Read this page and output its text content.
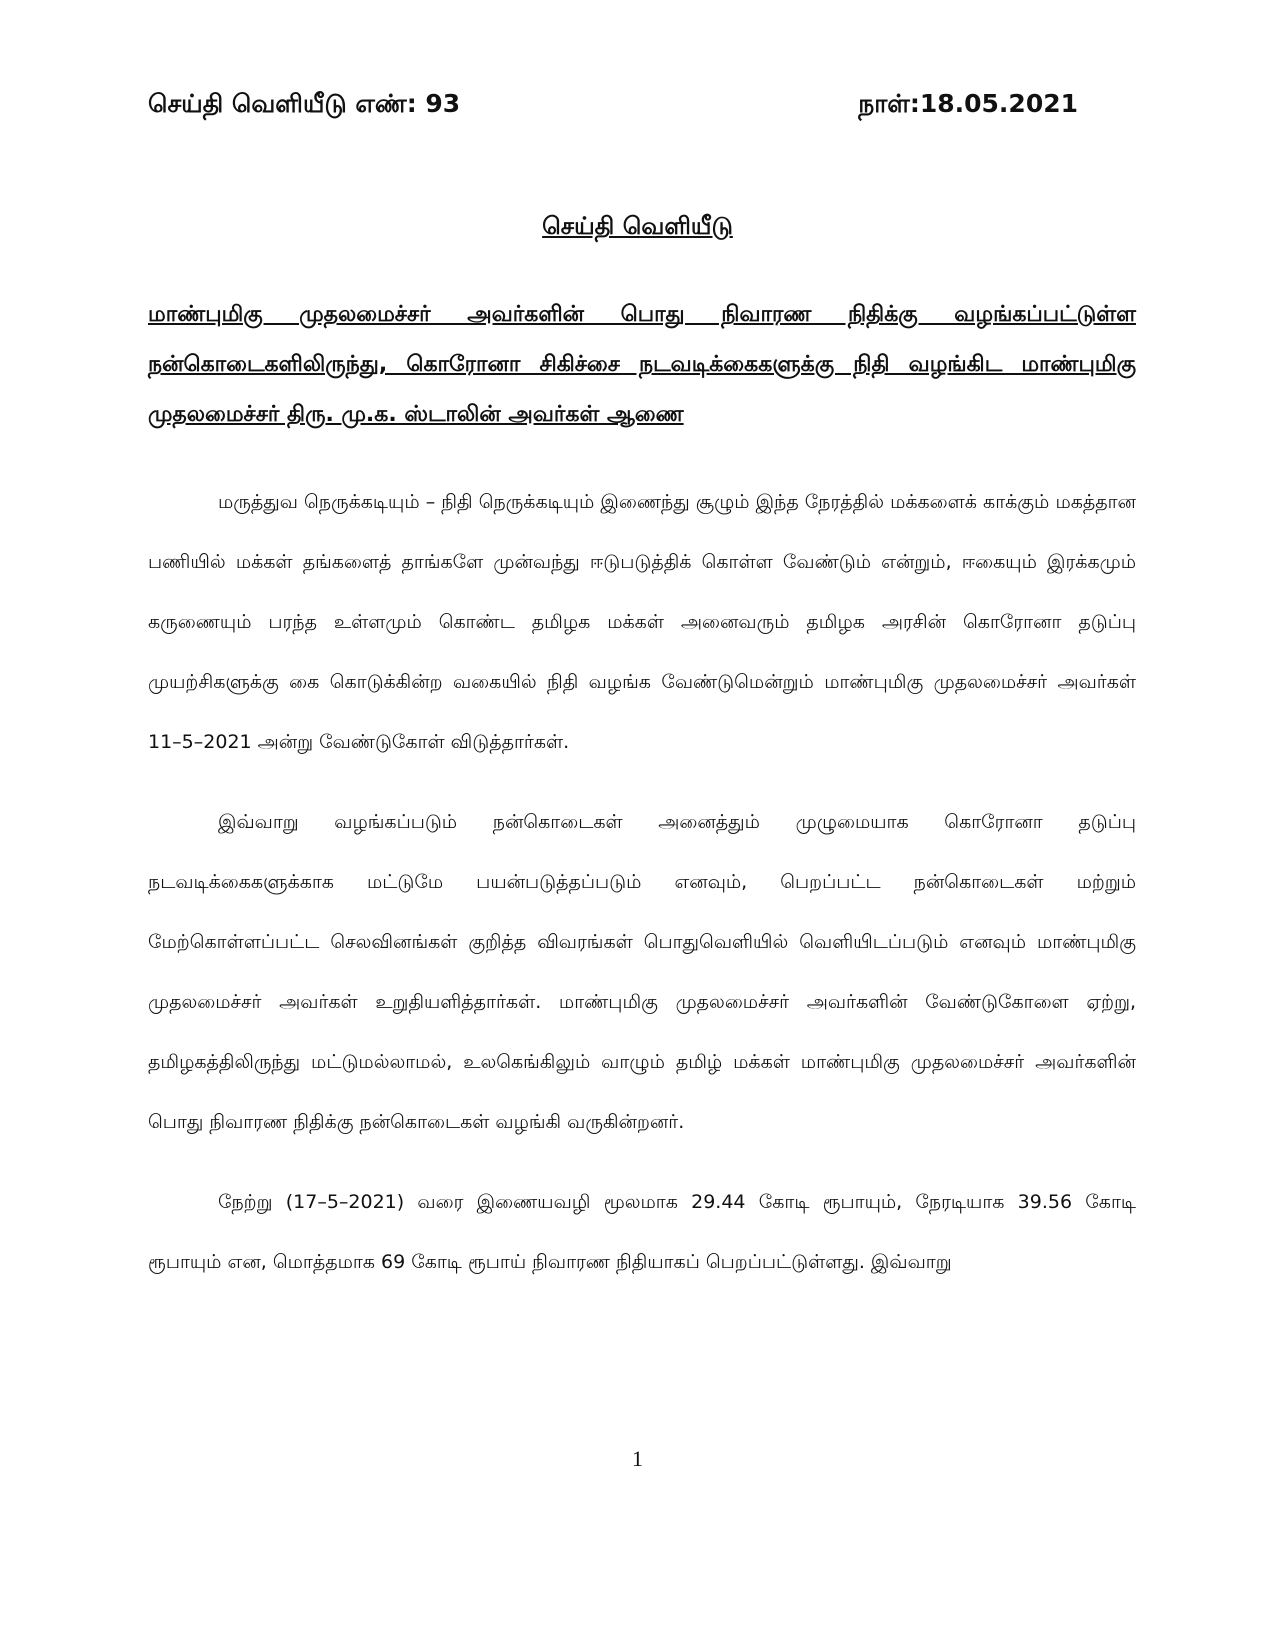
செய்தி வெளியீடு எண்: 93	நாள்:18.05.2021
செய்தி வெளியீடு
மாண்புமிகு முதலமைச்சர் அவர்களின் பொது நிவாரண நிதிக்கு வழங்கப்பட்டுள்ள நன்கொடைகளிலிருந்து, கொரோனா சிகிச்சை நடவடிக்கைகளுக்கு நிதி வழங்கிட மாண்புமிகு முதலமைச்சர் திரு. மு.க. ஸ்டாலின் அவர்கள் ஆணை

மருத்துவ நெருக்கடியும் – நிதி நெருக்கடியும் இணைந்து சூழும் இந்த நேரத்தில் மக்களைக் காக்கும் மகத்தான பணியில் மக்கள் தங்களைத் தாங்களே முன்வந்து ஈடுபடுத்திக் கொள்ள வேண்டும் என்றும், ஈகையும் இரக்கமும் கருணையும் பரந்த உள்ளமும் கொண்ட தமிழக மக்கள் அனைவரும் தமிழக அரசின் கொரோனா தடுப்பு முயற்சிகளுக்கு கை கொடுக்கின்ற வகையில் நிதி வழங்க வேண்டுமென்றும் மாண்புமிகு முதலமைச்சர் அவர்கள் 11–5–2021 அன்று வேண்டுகோள் விடுத்தார்கள்.

இவ்வாறு வழங்கப்படும் நன்கொடைகள் அனைத்தும் முழுமையாக கொரோனா தடுப்பு நடவடிக்கைகளுக்காக மட்டுமே பயன்படுத்தப்படும் எனவும், பெறப்பட்ட நன்கொடைகள் மற்றும் மேற்கொள்ளப்பட்ட செலவினங்கள் குறித்த விவரங்கள் பொதுவெளியில் வெளியிடப்படும் எனவும் மாண்புமிகு முதலமைச்சர் அவர்கள் உறுதியளித்தார்கள். மாண்புமிகு முதலமைச்சர் அவர்களின் வேண்டுகோளை ஏற்று, தமிழகத்திலிருந்து மட்டுமல்லாமல், உலகெங்கிலும் வாழும் தமிழ் மக்கள் மாண்புமிகு முதலமைச்சர் அவர்களின் பொது நிவாரண நிதிக்கு நன்கொடைகள் வழங்கி வருகின்றனர்.

நேற்று (17–5–2021) வரை இணையவழி மூலமாக 29.44 கோடி ரூபாயும், நேரடியாக 39.56 கோடி ரூபாயும் என, மொத்தமாக 69 கோடி ரூபாய் நிவாரண நிதியாகப் பெறப்பட்டுள்ளது. இவ்வாறு

1
